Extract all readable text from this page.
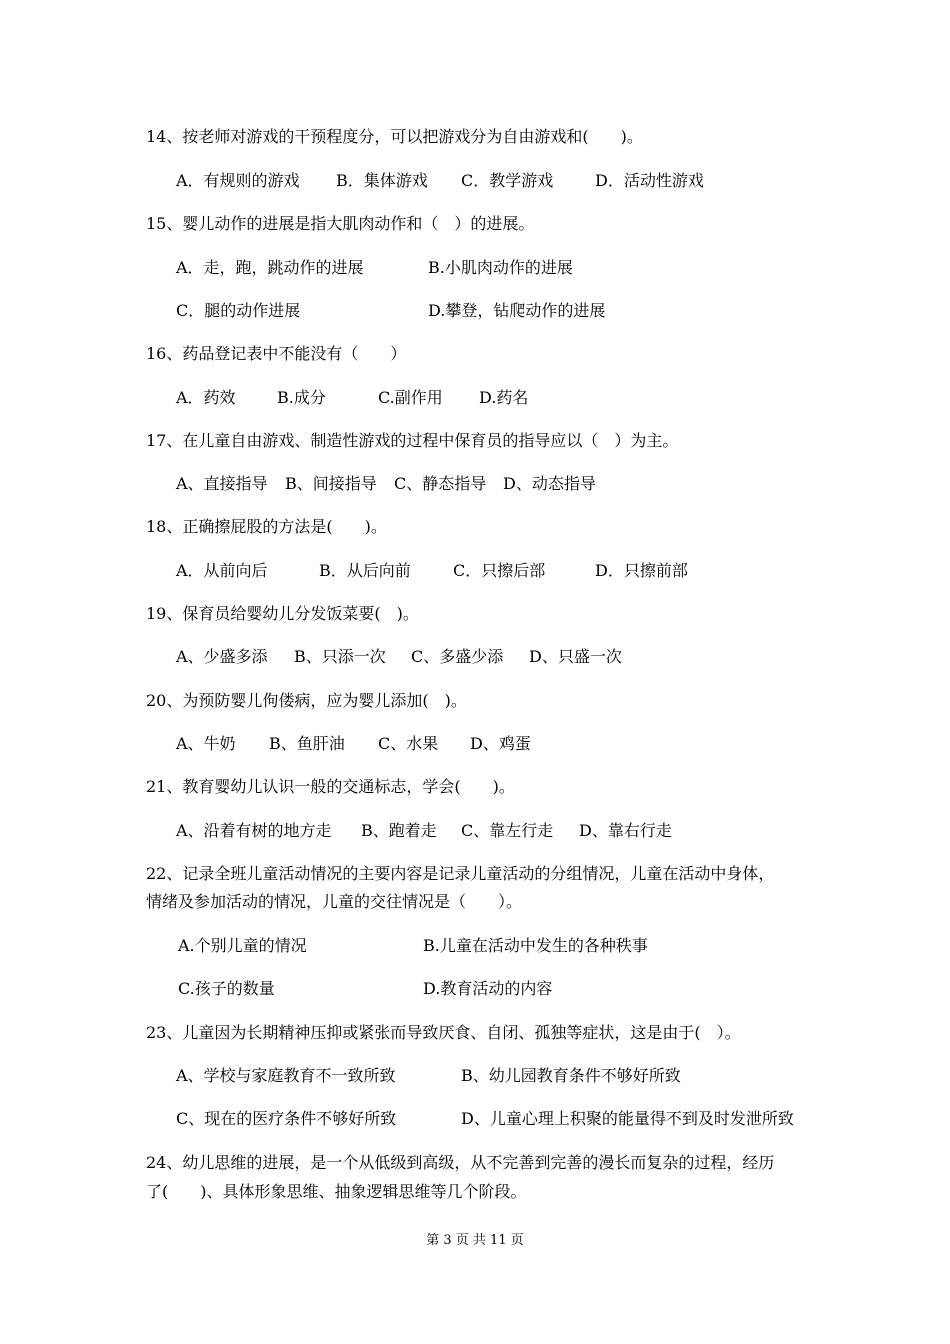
14、按老师对游戏的干预程度分，可以把游戏分为自由游戏和(　　)。
A．有规则的游戏 B．集体游戏 C．教学游戏	D．活动性游戏
15、婴儿动作的进展是指大肌肉动作和（　）的进展。
A．走，跑，跳动作的进展	B.小肌肉动作的进展
C．腿的动作进展	D.攀登，钻爬动作的进展
16、药品登记表中不能没有（　　）
A．药效	B.成分	C.副作用 D.药名
17、在儿童自由游戏、制造性游戏的过程中保育员的指导应以（　）为主。
A、直接指导 B、间接指导 C、静态指导 D、动态指导
18、正确擦屁股的方法是(　　)。
A．从前向后	B．从后向前	C．只擦后部	D．只擦前部
19、保育员给婴幼儿分发饭菜要(　)。
A、少盛多添 B、只添一次 C、多盛少添 D、只盛一次
20、为预防婴儿佝偻病，应为婴儿添加(　)。
A、牛奶 B、鱼肝油 C、水果 D、鸡蛋
21、教育婴幼儿认识一般的交通标志，学会(　　)。
A、沿着有树的地方走 B、跑着走 C、靠左行走 D、靠右行走
22、记录全班儿童活动情况的主要内容是记录儿童活动的分组情况，儿童在活动中身体，
情绪及参加活动的情况，儿童的交往情况是（　　）。
A.个别儿童的情况	B.儿童在活动中发生的各种秩事
C.孩子的数量	D.教育活动的内容
23、儿童因为长期精神压抑或紧张而导致厌食、自闭、孤独等症状，这是由于(　）。
A、学校与家庭教育不一致所致	B、幼儿园教育条件不够好所致
C、现在的医疗条件不够好所致	D、儿童心理上积聚的能量得不到及时发泄所致
24、幼儿思维的进展，是一个从低级到高级，从不完善到完善的漫长而复杂的过程，经历
了(　　)、具体形象思维、抽象逻辑思维等几个阶段。
第 3 页 共 11 页
